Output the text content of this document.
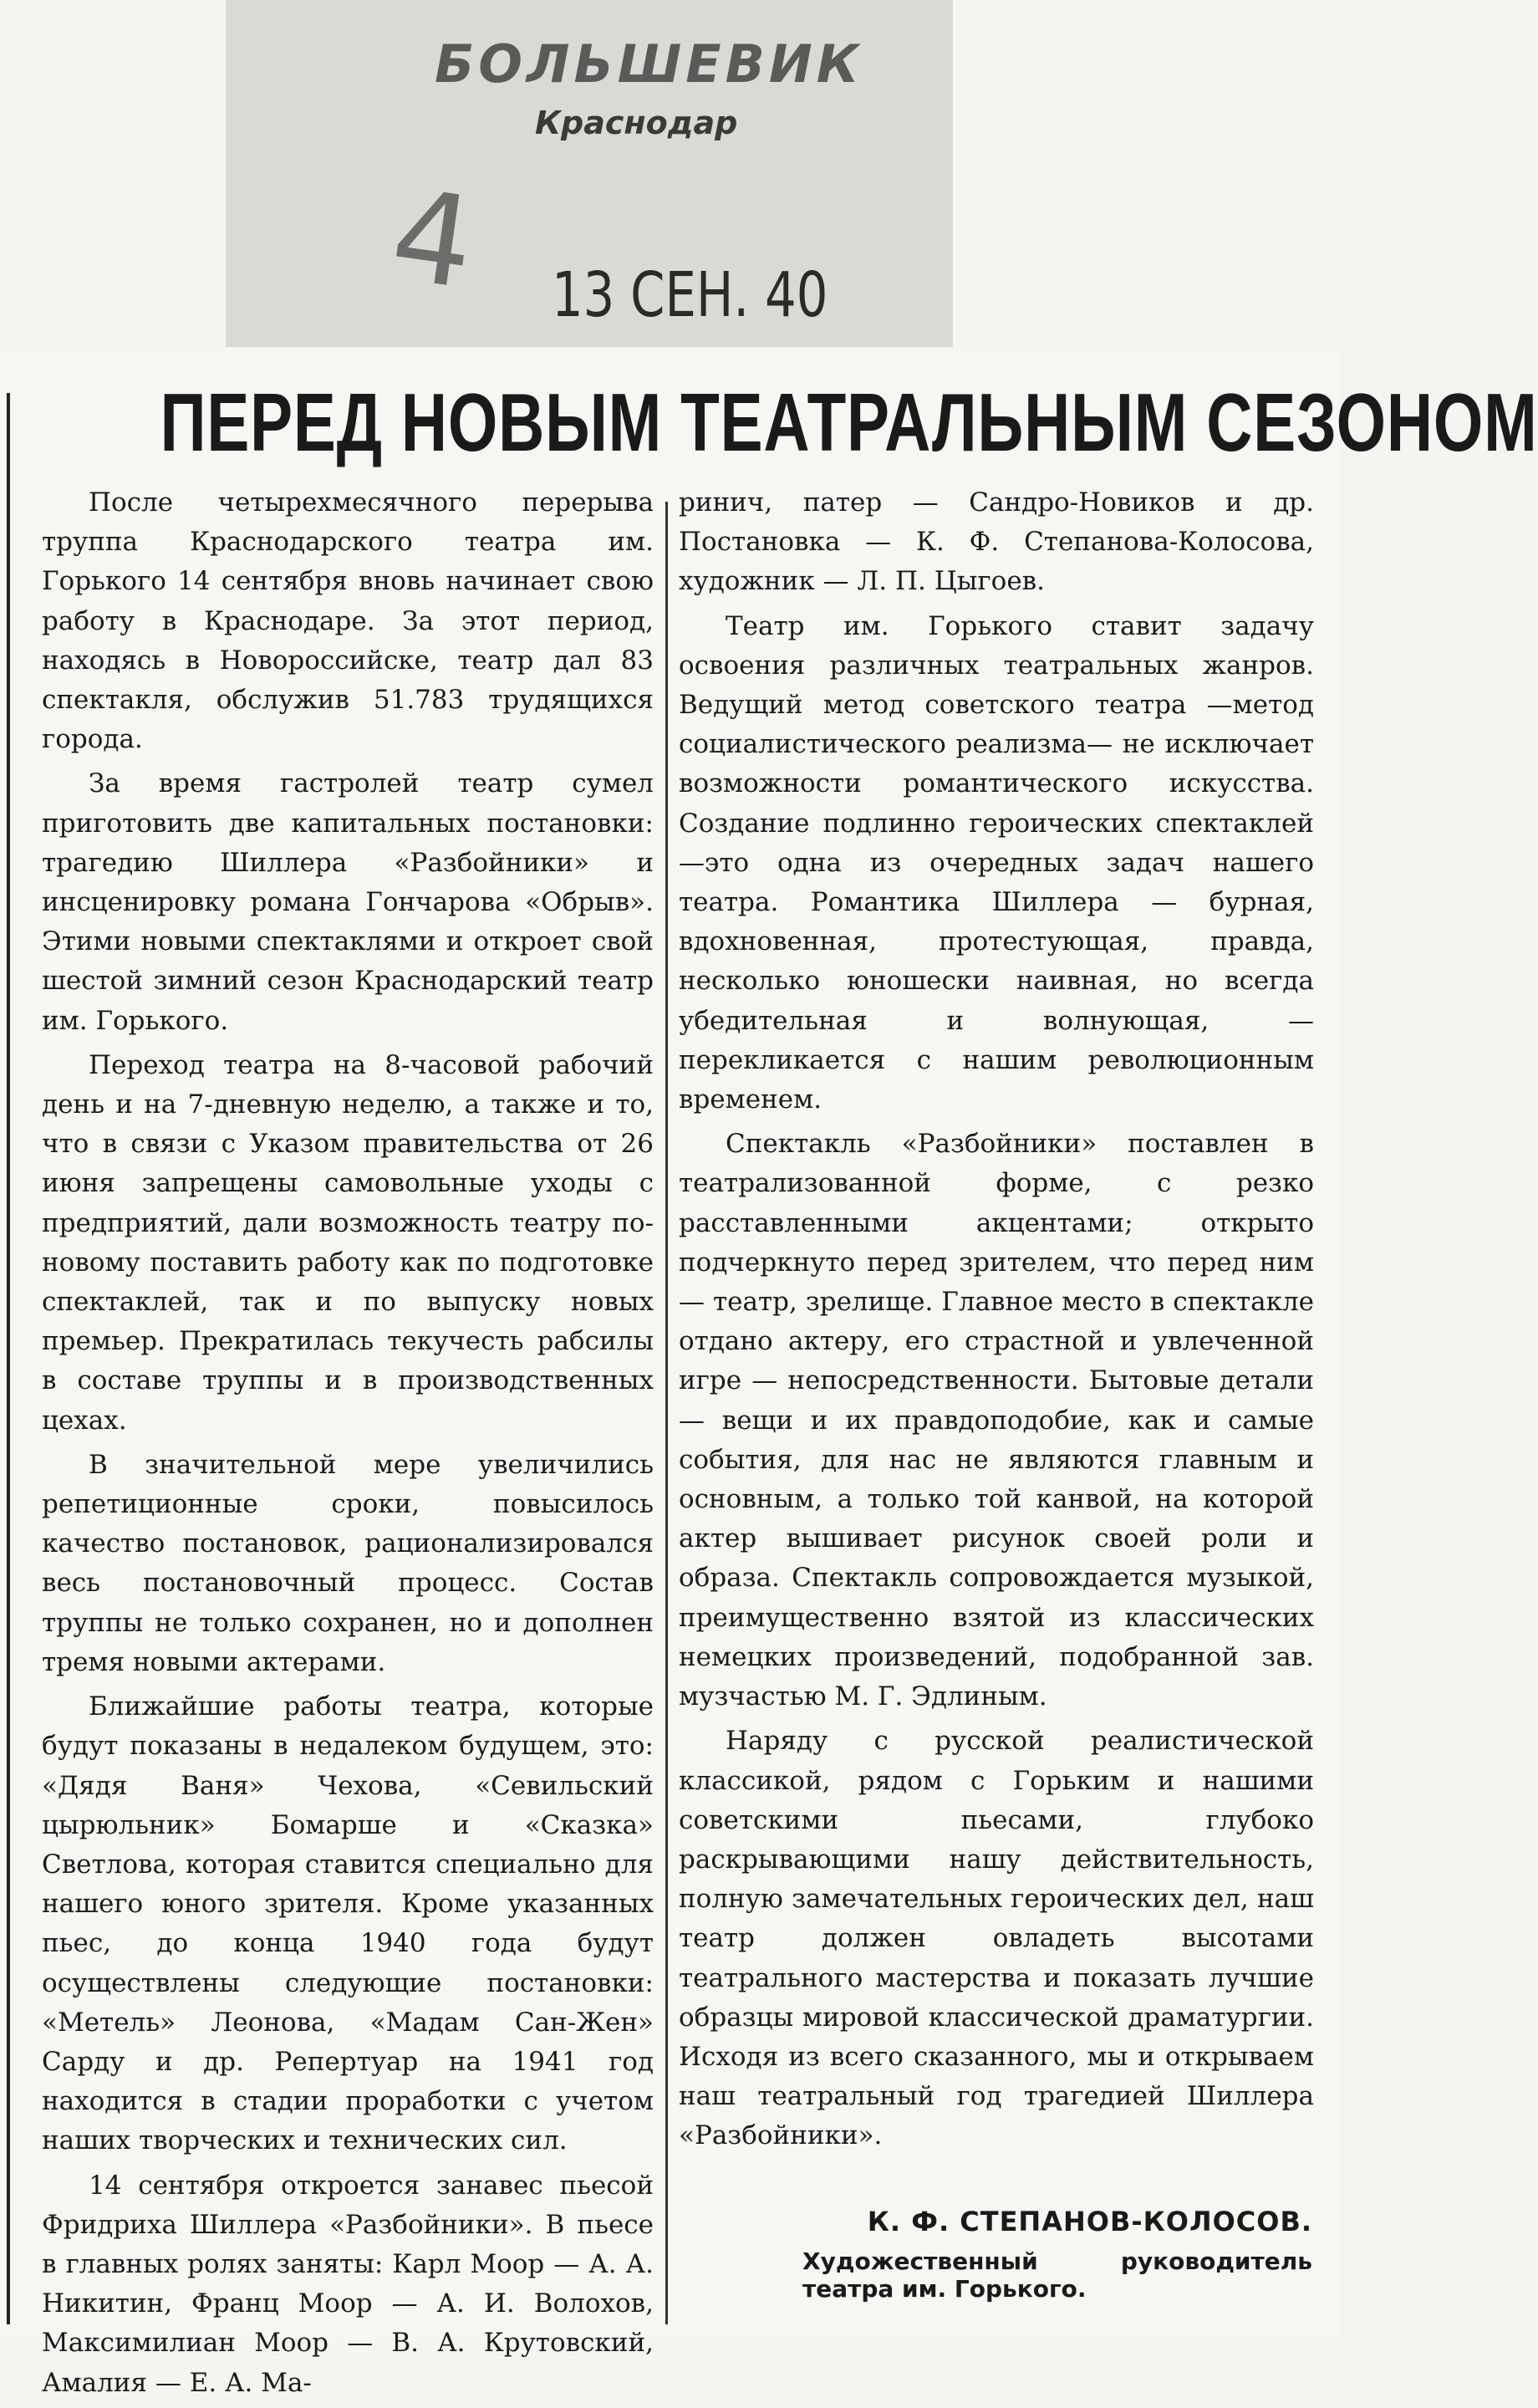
4
БОЛЬШЕВИК
Краснодар
13 СЕН. 40
ПЕРЕД НОВЫМ ТЕАТРАЛЬНЫМ СЕЗОНОМ

После четырехмесячного перерыва труппа Краснодарского театра им. Горького 14 сентября вновь начинает свою работу в Краснодаре. За этот период, находясь в Новороссийске, театр дал 83 спектакля, обслужив 51.783 трудящихся города.

За время гастролей театр сумел приготовить две капитальных постановки: трагедию Шиллера «Разбойники» и инсценировку романа Гончарова «Обрыв». Этими новыми спектаклями и откроет свой шестой зимний сезон Краснодарский театр им. Горького.

Переход театра на 8-часовой рабочий день и на 7-дневную неделю, а также и то, что в связи с Указом правительства от 26 июня запрещены самовольные уходы с предприятий, дали возможность театру по-новому поставить работу как по подготовке спектаклей, так и по выпуску новых премьер. Прекратилась текучесть рабсилы в составе труппы и в производственных цехах.

В значительной мере увеличились репетиционные сроки, повысилось качество постановок, рационализировался весь постановочный процесс. Состав труппы не только сохранен, но и дополнен тремя новыми актерами.

Ближайшие работы театра, которые будут показаны в недалеком будущем, это: «Дядя Ваня» Чехова, «Севильский цырюльник» Бомарше и «Сказка» Светлова, которая ставится специально для нашего юного зрителя. Кроме указанных пьес, до конца 1940 года будут осуществлены следующие постановки: «Метель» Леонова, «Мадам Сан-Жен» Сарду и др. Репертуар на 1941 год находится в стадии проработки с учетом наших творческих и технических сил.

14 сентября откроется занавес пьесой Фридриха Шиллера «Разбойники». В пьесе в главных ролях заняты: Карл Моор — А. А. Никитин, Франц Моор — А. И. Волохов, Максимилиан Моор — В. А. Крутовский, Амалия — Е. А. Ма-

ринич, патер — Сандро-Новиков и др. Постановка — К. Ф. Степанова-Колосова, художник — Л. П. Цыгоев.

Театр им. Горького ставит задачу освоения различных театральных жанров. Ведущий метод советского театра —метод социалистического реализма— не исключает возможности романтического искусства. Создание подлинно героических спектаклей—это одна из очередных задач нашего театра. Романтика Шиллера — бурная, вдохновенная, протестующая, правда, несколько юношески наивная, но всегда убедительная и волнующая, — перекликается с нашим революционным временем.

Спектакль «Разбойники» поставлен в театрализованной форме, с резко расставленными акцентами; открыто подчеркнуто перед зрителем, что перед ним — театр, зрелище. Главное место в спектакле отдано актеру, его страстной и увлеченной игре — непосредственности. Бытовые детали — вещи и их правдоподобие, как и самые события, для нас не являются главным и основным, а только той канвой, на которой актер вышивает рисунок своей роли и образа. Спектакль сопровождается музыкой, преимущественно взятой из классических немецких произведений, подобранной зав. музчастью М. Г. Эдлиным.

Наряду с русской реалистической классикой, рядом с Горьким и нашими советскими пьесами, глубоко раскрывающими нашу действительность, полную замечательных героических дел, наш театр должен овладеть высотами театрального мастерства и показать лучшие образцы мировой классической драматургии. Исходя из всего сказанного, мы и открываем наш театральный год трагедией Шиллера «Разбойники».

К. Ф. СТЕПАНОВ-КОЛОСОВ.

Художественный руководитель

театра им. Горького.
